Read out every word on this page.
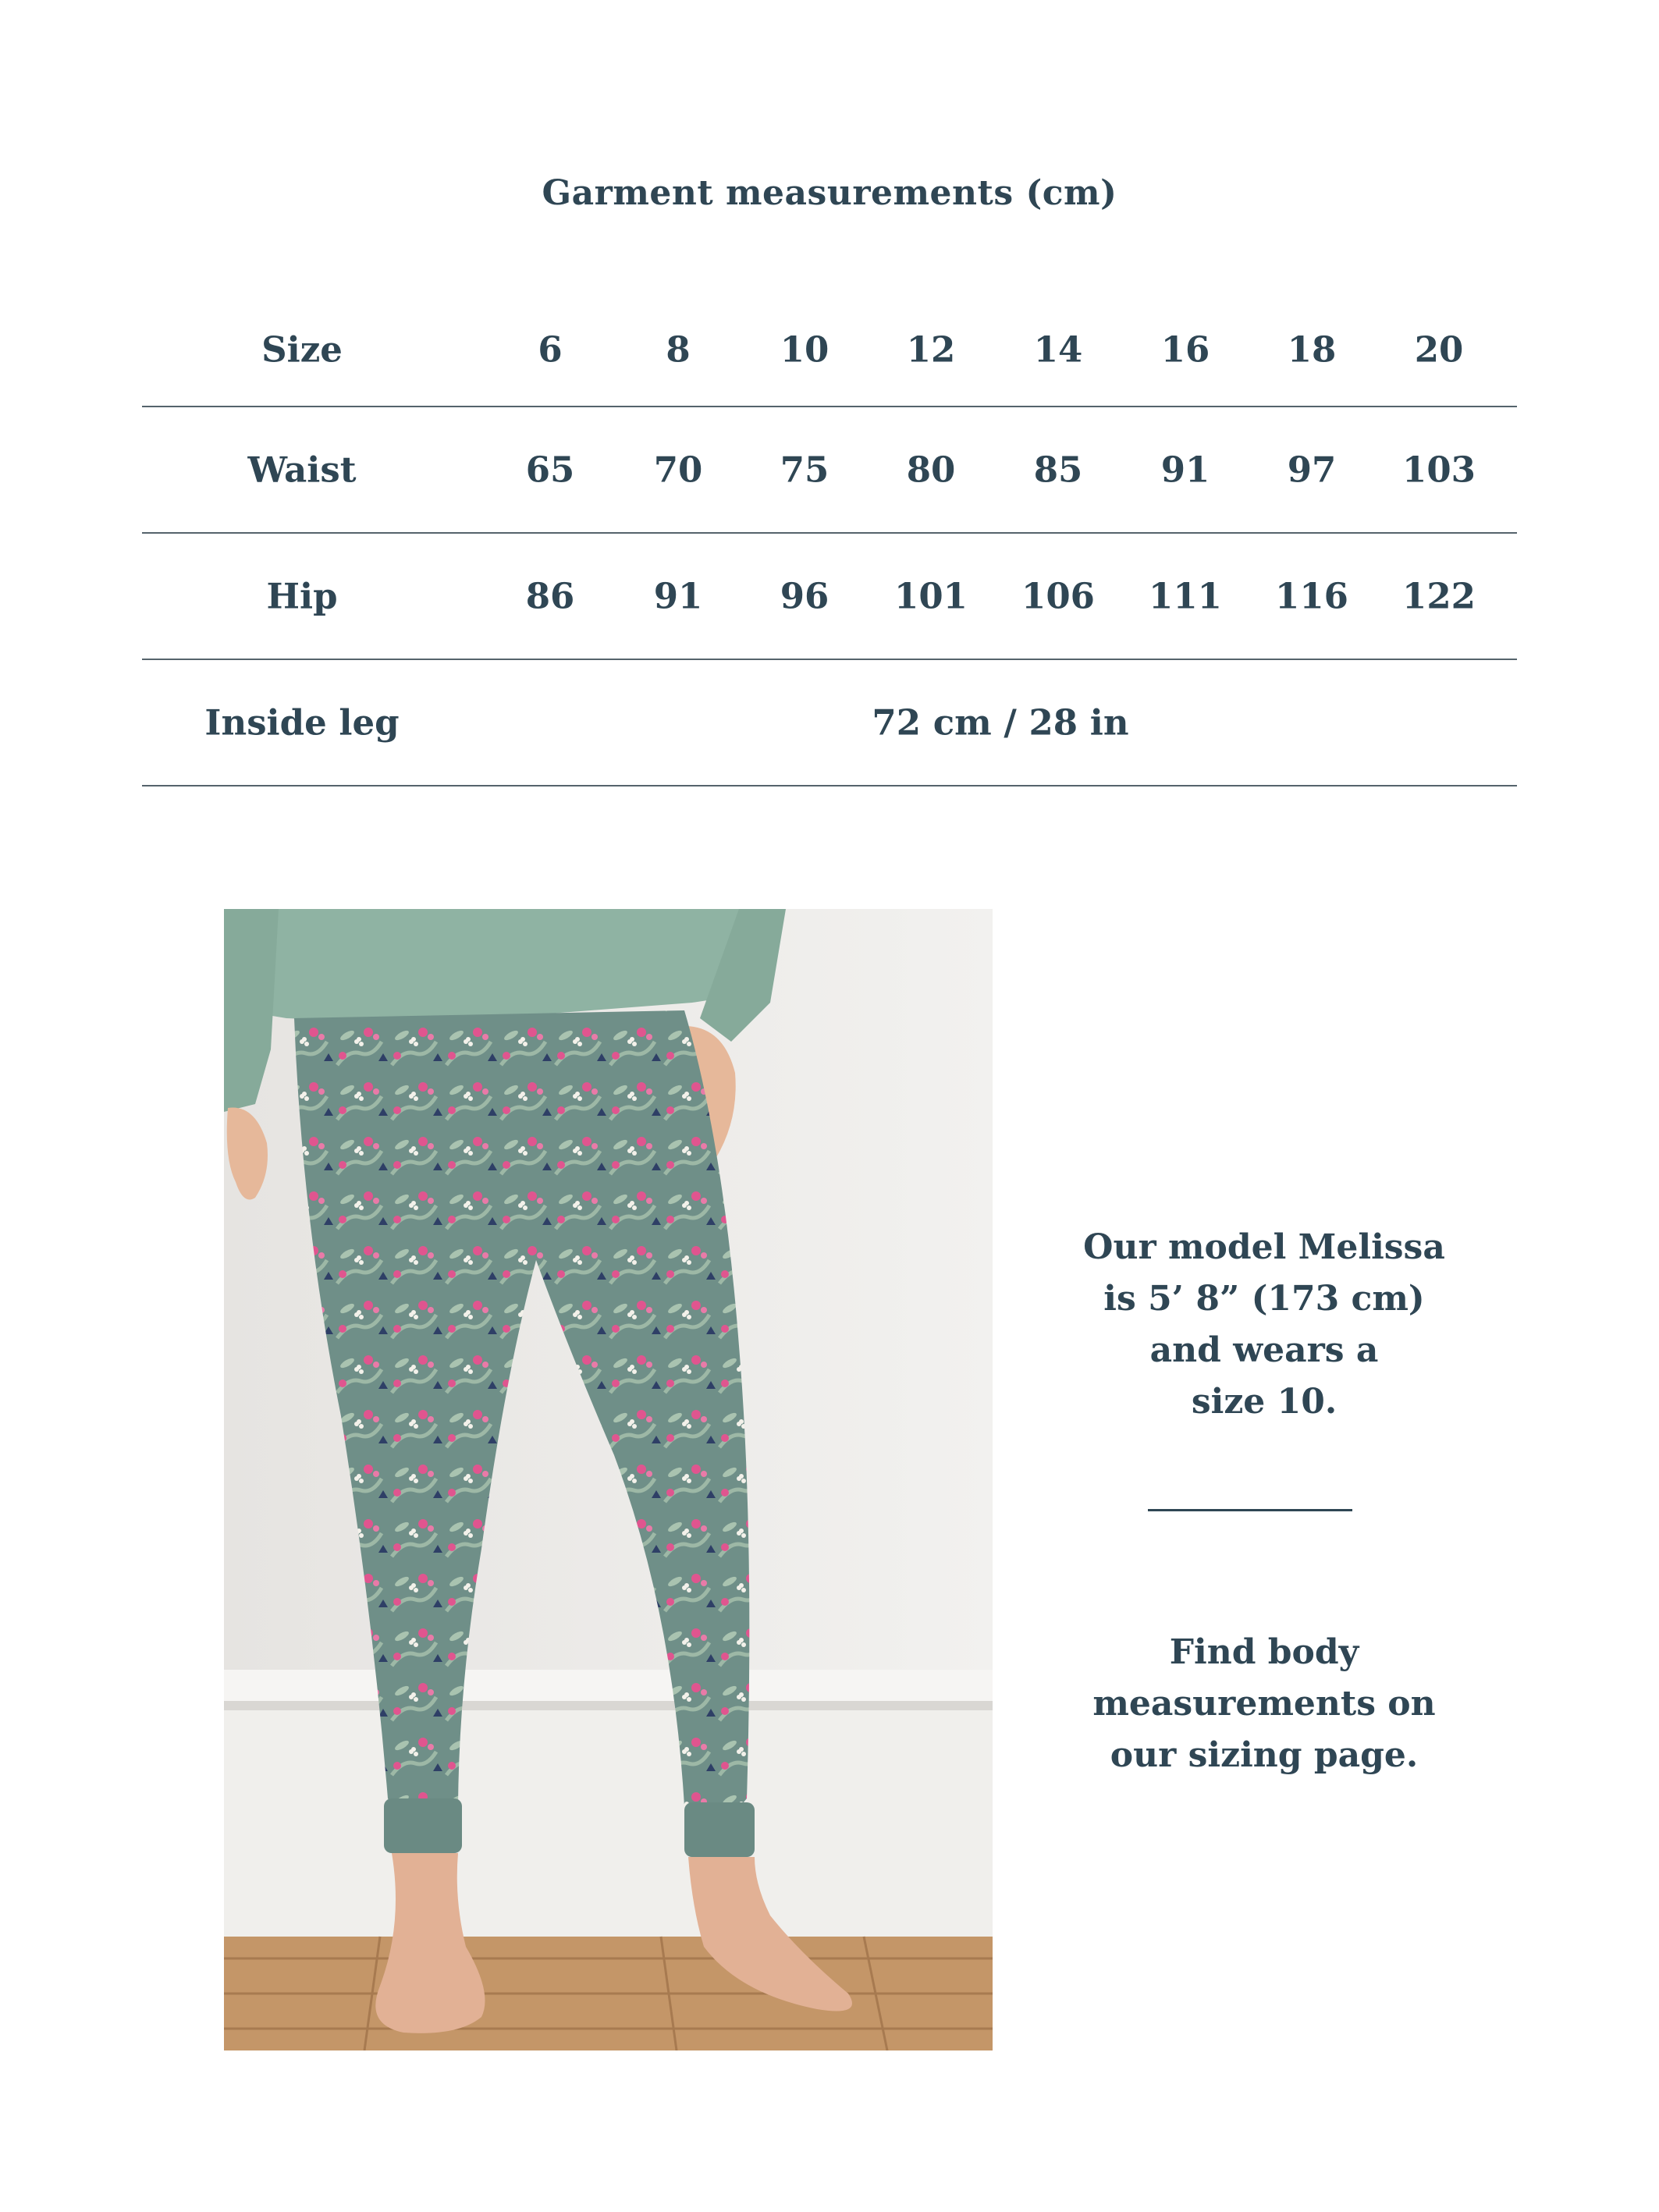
Garment measurements (cm)
Size	6	8	10 12 14 16 18 20
Waist	65 70 75 80 85 91 97 103
Hip	86 91 96 101 106 111 116 122
Inside leg	72 cm / 28 in

Our model Melissa

is 5’ 8” (173 cm)

and wears a

size 10.

Find body

measurements on

our sizing page.
